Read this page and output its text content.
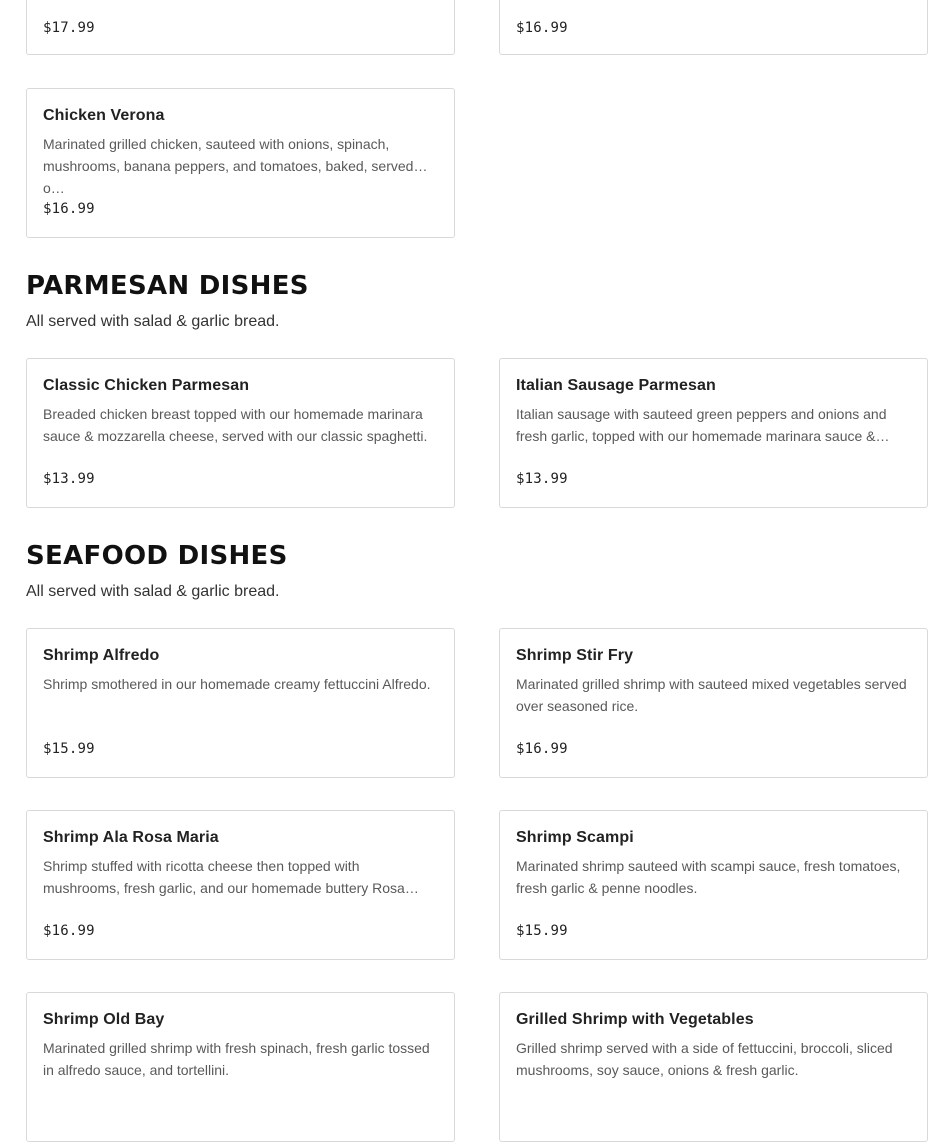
$17.99	$16.99
Chicken Verona
Marinated grilled chicken, sauteed with onions, spinach, mushrooms, banana peppers, and tomatoes, baked, served o…
$16.99
PARMESAN DISHES
All served with salad & garlic bread.
Classic Chicken Parmesan
Breaded chicken breast topped with our homemade marinara sauce & mozzarella cheese, served with our classic spaghetti.
$13.99
Italian Sausage Parmesan
Italian sausage with sauteed green peppers and onions and fresh garlic, topped with our homemade marinara sauce &…
$13.99
SEAFOOD DISHES
All served with salad & garlic bread.
Shrimp Alfredo
Shrimp smothered in our homemade creamy fettuccini Alfredo.
$15.99
Shrimp Stir Fry
Marinated grilled shrimp with sauteed mixed vegetables served over seasoned rice.
$16.99
Shrimp Ala Rosa Maria
Shrimp stuffed with ricotta cheese then topped with mushrooms, fresh garlic, and our homemade buttery Rosa…
$16.99
Shrimp Scampi
Marinated shrimp sauteed with scampi sauce, fresh tomatoes, fresh garlic & penne noodles.
$15.99
Shrimp Old Bay
Marinated grilled shrimp with fresh spinach, fresh garlic tossed in alfredo sauce, and tortellini.
Grilled Shrimp with Vegetables
Grilled shrimp served with a side of fettuccini, broccoli, sliced mushrooms, soy sauce, onions & fresh garlic.
